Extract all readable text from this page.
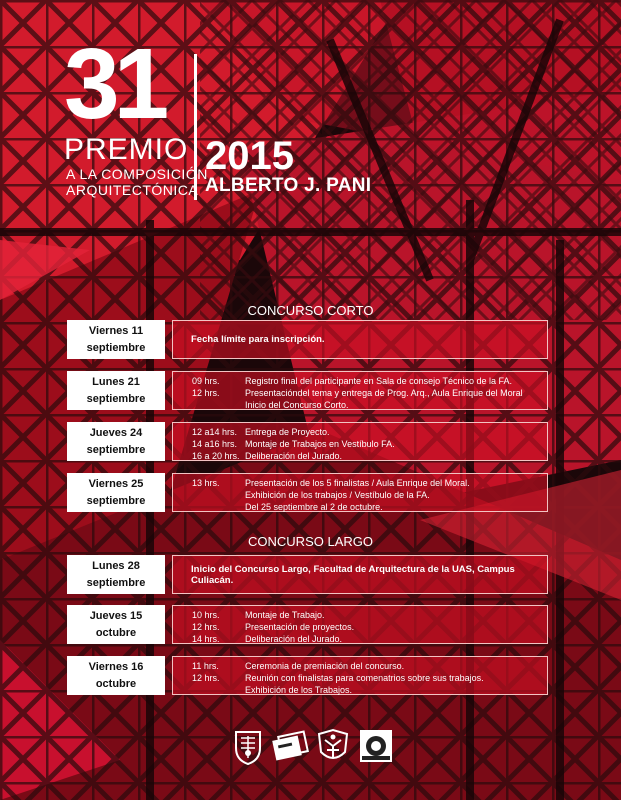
31
PREMIO
A LA COMPOSICIÓN
ARQUITECTÓNICA
2015
ALBERTO J. PANI
CONCURSO CORTO
Viernes 11
septiembre
Fecha límite para inscripción.
Lunes 21
septiembre
09 hrs.	Registro final del participante en Sala de consejo Técnico de la FA.
12 hrs.	Presentacióndel tema y entrega de Prog. Arq., Aula Enrique del Moral
Inicio del Concurso Corto.
Jueves 24
septiembre
12 a14 hrs. Entrega de Proyecto.
14 a16 hrs. Montaje de Trabajos en Vestíbulo FA.
16 a 20 hrs. Deliberación del Jurado.
Viernes 25
septiembre
13 hrs.	Presentación de los 5 finalistas / Aula Enrique del Moral.
Exhibición de los trabajos / Vestíbulo de la FA.
Del 25 septiembre al 2 de octubre.
CONCURSO LARGO
Lunes 28
septiembre
Inicio del Concurso Largo, Facultad de Arquitectura de la UAS, Campus Culiacán.
Jueves 15
octubre
10 hrs.	Montaje de Trabajo.
12 hrs.	Presentación de proyectos.
14 hrs.	Deliberación del Jurado.
Viernes 16
octubre
11 hrs.	Ceremonia de premiación del concurso.
12 hrs.	Reunión con finalistas para comenatrios sobre sus trabajos.
Exhibición de los Trabajos.
